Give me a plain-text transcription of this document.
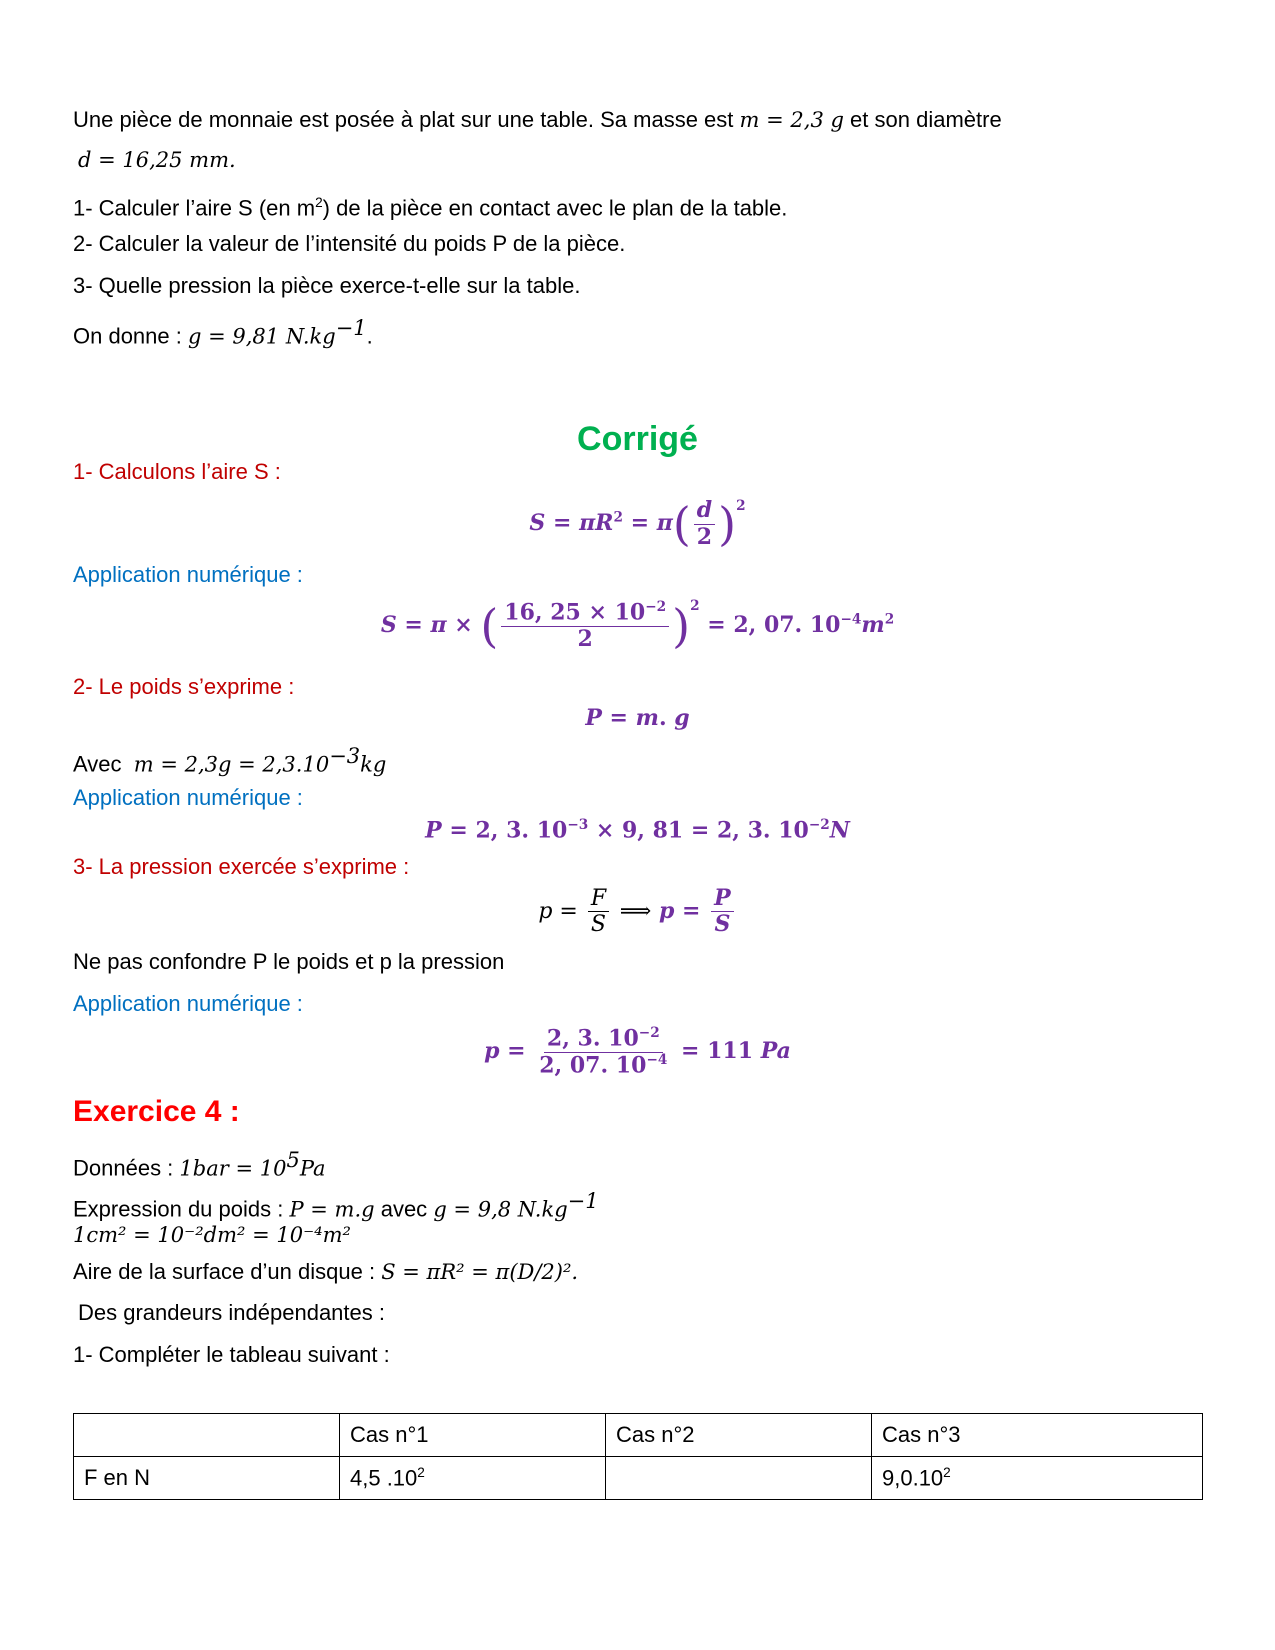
Une pièce de monnaie est posée à plat sur une table. Sa masse est m = 2,3 g et son diamètre
d = 16,25 mm.
1- Calculer l’aire S (en $m^2$) de la pièce en contact avec le plan de la table.
2- Calculer la valeur de l’intensité du poids P de la pièce.
3- Quelle pression la pièce exerce-t-elle sur la table.
On donne : g = 9,81 $N.kg^{-1}$.
Corrigé
1- Calculons l’aire S :
$S = \pi R^2 = \pi( \frac{d}{2} )^2$
Application numérique :
S = π × ( $\frac{16, 25 \times 10^{-2}}{2} )^2 = 2$, 07. $10^{-4}m^2$
2- Le poids s’exprime :
P = m. g
Avec $m = 2,3g = 2,3.10^{-3}kg$
Application numérique :
P = 2, 3. $10^{-3} \times 9$, 81 = 2, 3. $10^{-2}N$
3- La pression exercée s’exprime :
$p = \frac{F}{S}$ ⟹ $p = \frac{P}{S}$
Ne pas confondre P le poids et p la pression
Application numérique :
$p = \frac{2, 3. 10^{-2}}{2, 07. 10^{-4}} = 111$ Pa
Exercice 4 :
Données : $1bar = 10^5Pa$
Expression du poids : P = m.g avec g = 9,8 $N.kg^{-1}$
1cm² = 10⁻²dm² = 10⁻⁴m²
Aire de la surface d’un disque : S = πR² = π(D/2)².
Des grandeurs indépendantes :
1- Compléter le tableau suivant :
	Cas n°1	Cas n°2	Cas n°3
F en N	4,5 $.10^2$		9,0.10$^2$
